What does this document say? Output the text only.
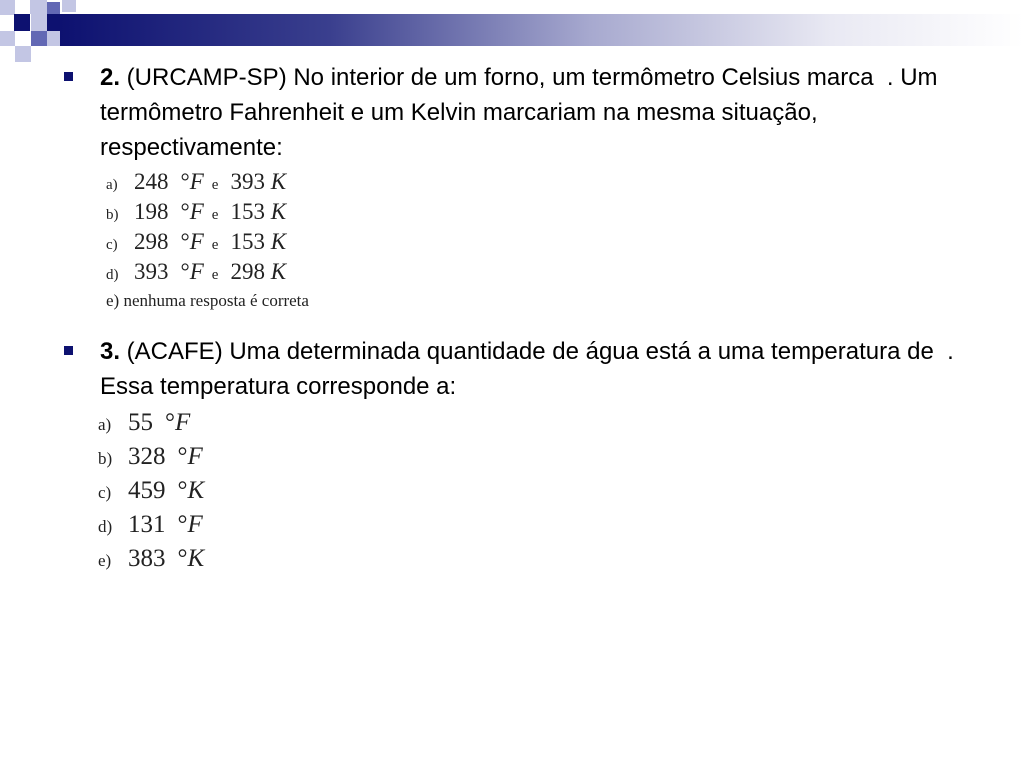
2. (URCAMP-SP) No interior de um forno, um termômetro Celsius marca  . Um termômetro Fahrenheit e um Kelvin marcariam na mesma situação, respectivamente:
a) 248 °F e 393 K
b) 198 °F e 153 K
c) 298 °F e 153 K
d) 393 °F e 298 K
e) nenhuma resposta é correta
3. (ACAFE) Uma determinada quantidade de água está a uma temperatura de  . Essa temperatura corresponde a:
a) 55 °F
b) 328 °F
c) 459 °K
d) 131 °F
e) 383 °K
